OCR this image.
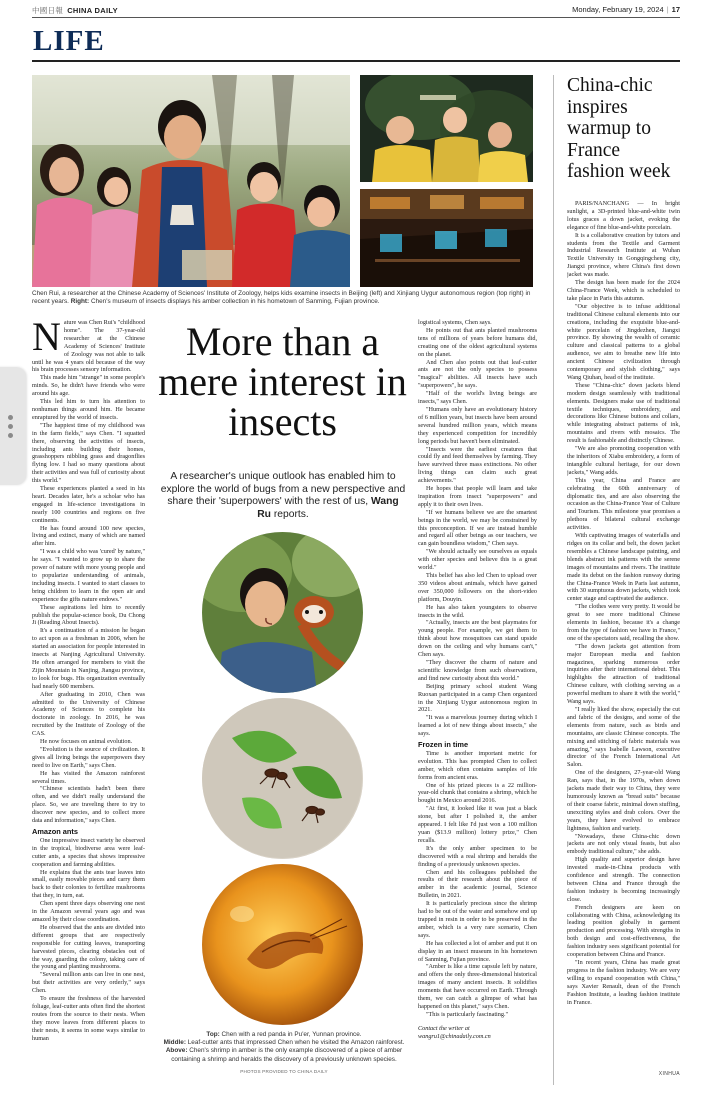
中國日報 CHINA DAILY	Monday, February 19, 2024 | 17
LIFE
Chen Rui, a researcher at the Chinese Academy of Sciences' Institute of Zoology, helps kids examine insects in Beijing (left) and Xinjiang Uygur autonomous region (top right) in recent years. Right: Chen's museum of insects displays his amber collection in his hometown of Sanming, Fujian province.

Nature was Chen Rui's "childhood home". The 37-year-old researcher at the Chinese Academy of Sciences' Institute of Zoology was not able to talk until he was 4 years old because of the way his brain processes sensory information.

This made him "strange" in some people's minds. So, he didn't have friends who were around his age.

This led him to turn his attention to nonhuman things around him. He became enraptured by the world of insects.

"The happiest time of my childhood was in the farm fields," says Chen. "I squatted there, observing the activities of insects, including ants building their homes, grasshoppers nibbling grass and dragonflies flying low. I had so many questions about their activities and was full of curiosity about this world."

These experiences planted a seed in his heart. Decades later, he's a scholar who has engaged in life-science investigations in nearly 100 countries and regions on five continents.

He has found around 100 new species, living and extinct, many of which are named after him.

"I was a child who was 'cured' by nature," he says. "I wanted to grow up to share the power of nature with more young people and to popularize understanding of animals, including insects. I wanted to start classes to bring children to learn in the open air and experience the gifts nature endows."

These aspirations led him to recently publish the popular-science book, Du Chong Ji (Reading About Insects).

It's a continuation of a mission he began to act upon as a freshman in 2006, when he started an association for people interested in insects at Nanjing Agricultural University. He often arranged for members to visit the Zijin Mountain in Nanjing, Jiangsu province, to look for bugs. His organization eventually had nearly 600 members.

After graduating in 2010, Chen was admitted to the University of Chinese Academy of Sciences to complete his doctorate in zoology. In 2016, he was recruited by the Institute of Zoology of the CAS.

He now focuses on animal evolution.

"Evolution is the source of civilization. It gives all living beings the superpowers they need to live on Earth," says Chen.

He has visited the Amazon rainforest several times.

"Chinese scientists hadn't been there often, and we didn't really understand the place. So, we are traveling there to try to discover new species, and to collect more data and information," says Chen.

Amazon ants

One impressive insect variety he observed in the tropical, biodiverse area were leaf-cutter ants, a species that shows impressive cooperation and farming abilities.

He explains that the ants tear leaves into small, easily movable pieces and carry them back to their colonies to fertilize mushrooms that they, in turn, eat.

Chen spent three days observing one nest in the Amazon several years ago and was amazed by their close coordination.

He observed that the ants are divided into different groups that are respectively responsible for cutting leaves, transporting harvested pieces, clearing obstacles out of the way, guarding the colony, taking care of the young and planting mushrooms.

"Several million ants can live in one nest, but their activities are very orderly," says Chen.

To ensure the freshness of the harvested foliage, leaf-cutter ants often find the shortest routes from the source to their nests. When they move leaves from different places to their nests, it seems in some ways similar to human

More than a mere interest in insects
A researcher's unique outlook has enabled him to explore the world of bugs from a new perspective and share their 'superpowers' with the rest of us, Wang Ru reports.
Top: Chen with a red panda in Pu'er, Yunnan province.
Middle: Leaf-cutter ants that impressed Chen when he visited the Amazon rainforest. Above: Chen's shrimp in amber is the only example discovered of a piece of amber containing a shrimp and heralds the discovery of a previously unknown species.
PHOTOS PROVIDED TO CHINA DAILY

logistical systems, Chen says.

He points out that ants planted mushrooms tens of millions of years before humans did, creating one of the oldest agricultural systems on the planet.

And Chen also points out that leaf-cutter ants are not the only species to possess "magical" abilities. All insects have such "superpowers", he says.

"Half of the world's living beings are insects," says Chen.

"Humans only have an evolutionary history of 6 million years, but insects have been around several hundred million years, which means they experienced competition for incredibly long periods but haven't been eliminated.

"Insects were the earliest creatures that could fly and feed themselves by farming. They have survived three mass extinctions. No other living things can claim such great achievements."

He hopes that people will learn and take inspiration from insect "superpowers" and apply it to their own lives.

"If we humans believe we are the smartest beings in the world, we may be constrained by this preconception. If we are instead humble and regard all other beings as our teachers, we can gain boundless wisdom," Chen says.

"We should actually see ourselves as equals with other species and believe this is a great world."

This belief has also led Chen to upload over 350 videos about animals, which have gained over 350,000 followers on the short-video platform, Douyin.

He has also taken youngsters to observe insects in the wild.

"Actually, insects are the best playmates for young people. For example, we get them to think about how mosquitoes can stand upside down on the ceiling and why humans can't," Chen says.

"They discover the charm of nature and scientific knowledge from such observations, and find new curiosity about this world."

Beijing primary school student Wang Ruoxan participated in a camp Chen organized in the Xinjiang Uygur autonomous region in 2021.

"It was a marvelous journey during which I learned a lot of new things about insects," she says.

Frozen in time

Time is another important metric for evolution. This has prompted Chen to collect amber, which often contains samples of life forms from ancient eras.

One of his prized pieces is a 22 million-year-old chunk that contains a shrimp, which he bought in Mexico around 2016.

"At first, it looked like it was just a black stone, but after I polished it, the amber appeared. I felt like I'd just won a 100 million yuan ($13.9 million) lottery prize," Chen recalls.

It's the only amber specimen to be discovered with a real shrimp and heralds the finding of a previously unknown species.

Chen and his colleagues published the results of their research about the piece of amber in the academic journal, Science Bulletin, in 2021.

It is particularly precious since the shrimp had to be out of the water and somehow end up trapped in resin in order to be preserved in the amber, which is a very rare scenario, Chen says.

He has collected a lot of amber and put it on display in an insect museum in his hometown of Sanming, Fujian province.

"Amber is like a time capsule left by nature, and offers the only three-dimensional historical images of many ancient insects. It solidifies moments that have occurred on Earth. Through them, we can catch a glimpse of what has happened on this planet," says Chen.

"This is particularly fascinating."

Contact the writer at
wangru1@chinadaily.com.cn
China-chic inspires warmup to France fashion week

PARIS/NANCHANG — In bright sunlight, a 3D-printed blue-and-white twin lotus graces a down jacket, evoking the elegance of fine blue-and-white porcelain.

It is a collaborative creation by tutors and students from the Textile and Garment Industrial Research Institute at Wuhan Textile University in Gongqingcheng city, Jiangxi province, where China's first down jacket was made.

The design has been made for the 2024 China-France Week, which is scheduled to take place in Paris this autumn.

"Our objective is to infuse additional traditional Chinese cultural elements into our creations, including the exquisite blue-and-white porcelain of Jingdezhen, Jiangxi province. By showing the wealth of ceramic culture and classical patterns to a global audience, we aim to breathe new life into ancient Chinese civilization through contemporary and stylish clothing," says Wang Qiuhan, head of the institute.

These "China-chic" down jackets blend modern design seamlessly with traditional elements. Designers make use of traditional textile techniques, embroidery, and decorations like Chinese buttons and collars, while integrating abstract patterns of ink, mountains and rivers with mosaics. The result is fashionable and distinctly Chinese.

"We are also promoting cooperation with the inheritors of Xiabu embroidery, a form of intangible cultural heritage, for our down jackets," Wang adds.

This year, China and France are celebrating the 60th anniversary of diplomatic ties, and are also observing the occasion as the China-France Year of Culture and Tourism. This milestone year promises a plethora of bilateral cultural exchange activities.

With captivating images of waterfalls and ridges on its collar and belt, the down jacket resembles a Chinese landscape painting, and blends abstract ink patterns with the serene images of mountains and rivers. The institute made its debut on the fashion runway during the China-France Week in Paris last autumn, with 30 sumptuous down jackets, which took center stage and captivated the audience.

"The clothes were very pretty. It would be great to see more traditional Chinese elements in fashion, because it's a change from the type of fashion we have in France," one of the spectators said, recalling the show.

"The down jackets got attention from major European media and fashion magazines, sparking numerous order inquiries after their international debut. This highlights the attraction of traditional Chinese culture, with clothing serving as a powerful medium to share it with the world," Wang says.

"I really liked the show, especially the cut and fabric of the designs, and some of the elements from nature, such as birds and mountains, are classic Chinese concepts. The mixing and stitching of fabric materials was amazing," says Isabelle Lawson, executive director of the French International Art Salon.

One of the designers, 27-year-old Wang Ran, says that, in the 1970s, when down jackets made their way to China, they were humorously known as "bread suits" because of their coarse fabric, minimal down stuffing, unexciting styles and drab colors. Over the years, they have evolved to embrace lightness, fashion and variety.

"Nowadays, these China-chic down jackets are not only visual feasts, but also embody traditional culture," she adds.

High quality and superior design have invested made-in-China products with confidence and strength. The connection between China and France through the fashion industry is becoming increasingly close.

French designers are keen on collaborating with China, acknowledging its leading position globally in garment production and processing. With strengths in both design and cost-effectiveness, the fashion industry sees significant potential for cooperation between China and France.

"In recent years, China has made great progress in the fashion industry. We are very willing to expand cooperation with China," says Xavier Renault, dean of the French Fashion Institute, a leading fashion institute in France.

XINHUA
